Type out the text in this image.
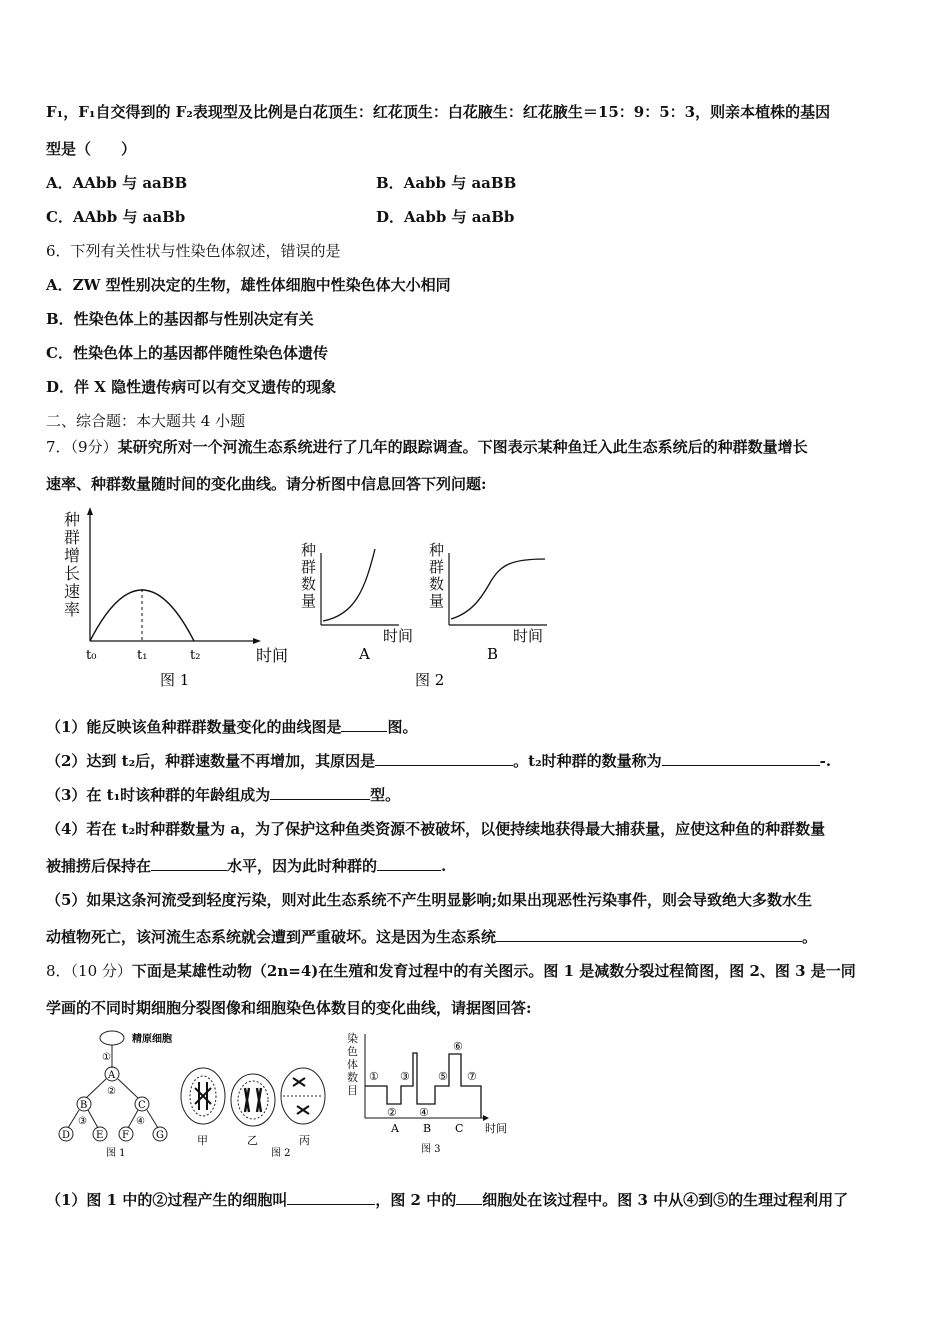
F₁，F₁自交得到的 F₂表现型及比例是白花顶生：红花顶生：白花腋生：红花腋生＝15：9：5：3，则亲本植株的基因
型是（　　）
A．AAbb 与 aaBB	B．Aabb 与 aaBB
C．AAbb 与 aaBb	D．Aabb 与 aaBb
6．下列有关性状与性染色体叙述，错误的是
A．ZW 型性别决定的生物，雄性体细胞中性染色体大小相同
B．性染色体上的基因都与性别决定有关
C．性染色体上的基因都伴随性染色体遗传
D．伴 X 隐性遗传病可以有交叉遗传的现象
二、综合题：本大题共 4 小题
7．（9分）某研究所对一个河流生态系统进行了几年的跟踪调查。下图表示某种鱼迁入此生态系统后的种群数量增长
速率、种群数量随时间的变化曲线。请分析图中信息回答下列问题:
种
群
增
长
速
率
t₀	t₁	t₂	时间
图 1
种
群
数
量
时间
A
种
群
数
量
时间
B
图 2
（1）能反映该鱼种群群数量变化的曲线图是	图。
（2）达到 t₂后，种群速数量不再增加，其原因是	。t₂时种群的数量称为	-.
（3）在 t₁时该种群的年龄组成为	型。
（4）若在 t₂时种群数量为 a，为了保护这种鱼类资源不被破坏，以便持续地获得最大捕获量，应使这种鱼的种群数量
被捕捞后保持在	水平，因为此时种群的	.
（5）如果这条河流受到轻度污染，则对此生态系统不产生明显影响;如果出现恶性污染事件，则会导致绝大多数水生
动植物死亡，该河流生态系统就会遭到严重破坏。这是因为生态系统	。
8．（10 分）下面是某雄性动物（2n=4)在生殖和发育过程中的有关图示。图 1 是减数分裂过程简图，图 2、图 3 是一同
学画的不同时期细胞分裂图像和细胞染色体数目的变化曲线，请据图回答:
精原细胞
①
A
②
B	C
③	④
D	E F	G
图 1
甲	乙	丙
图 2
染
色
体
数
目
①
②
③
④
⑤
⑥
⑦
A B C 时间
图 3
（1）图 1 中的②过程产生的细胞叫	，图 2 中的 细胞处在该过程中。图 3 中从④到⑤的生理过程利用了
